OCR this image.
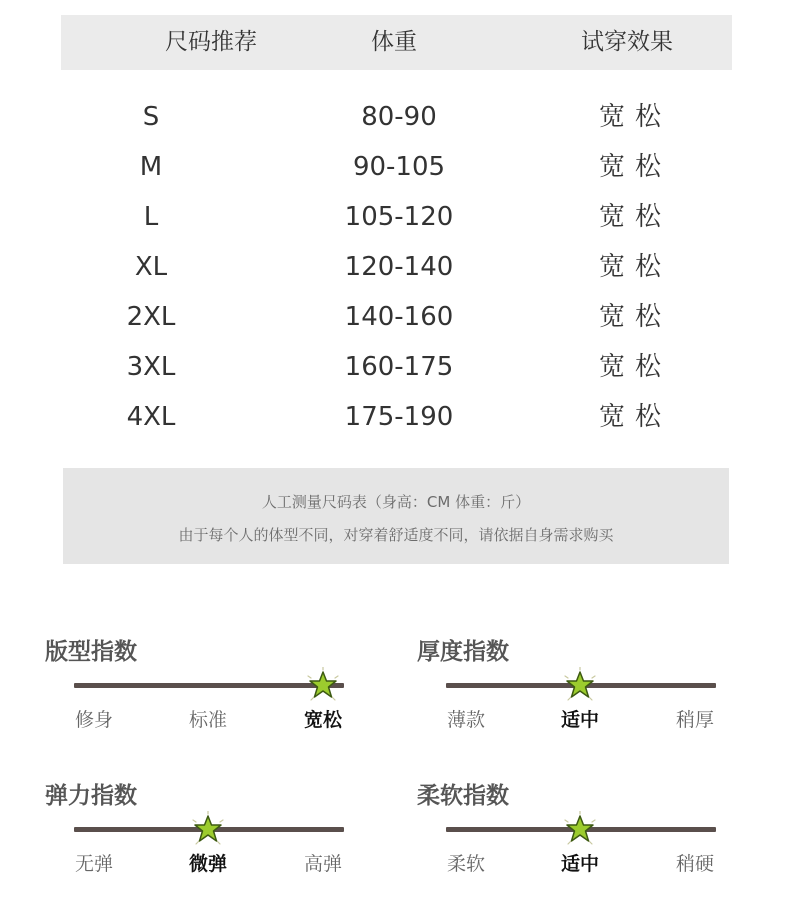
尺码推荐	体重	试穿效果
S	80-90	宽松
M	90-105	宽松
L	105-120	宽松
XL	120-140	宽松
2XL	140-160	宽松
3XL	160-175	宽松
4XL	175-190	宽松
人工测量尺码表（身高：CM 体重：斤）
由于每个人的体型不同，对穿着舒适度不同，请依据自身需求购买
版型指数
修身	标准	宽松
厚度指数
薄款	适中	稍厚
弹力指数
无弹	微弹	高弹
柔软指数
柔软	适中	稍硬
